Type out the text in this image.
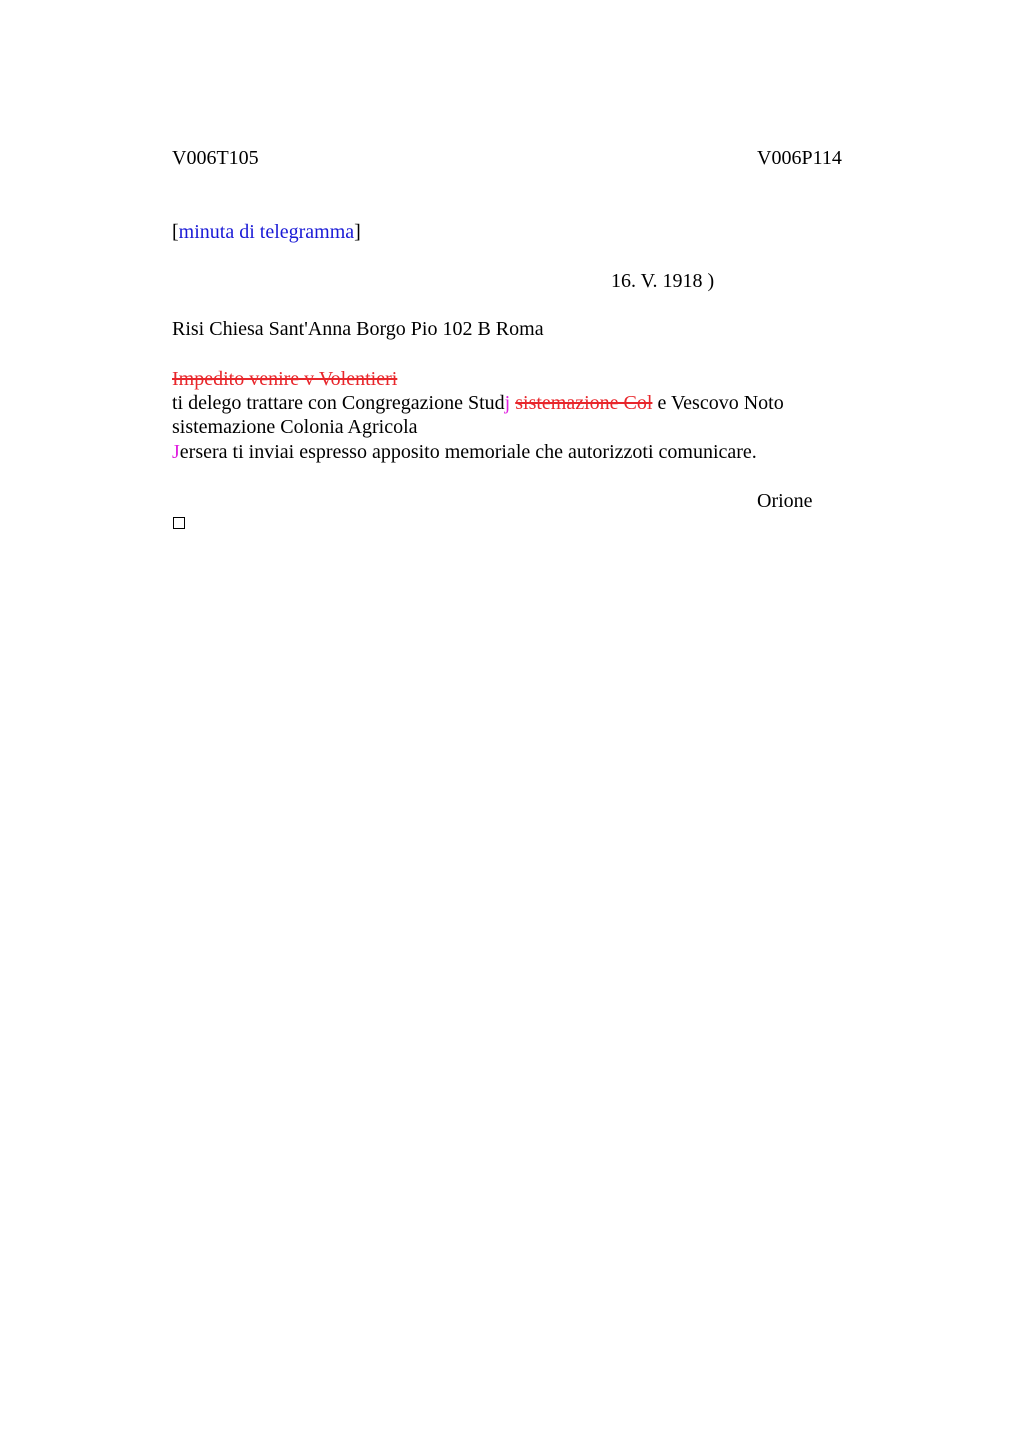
V006T105	V006P114
[minuta di telegramma]
16. V. 1918 )
Risi Chiesa Sant'Anna Borgo Pio 102 B Roma
Impedito venire v Volentieri
ti delego trattare con Congregazione Studj sistemazione Col e Vescovo Noto
sistemazione Colonia Agricola
Jersera ti inviai espresso apposito memoriale che autorizzoti comunicare.
Orione
